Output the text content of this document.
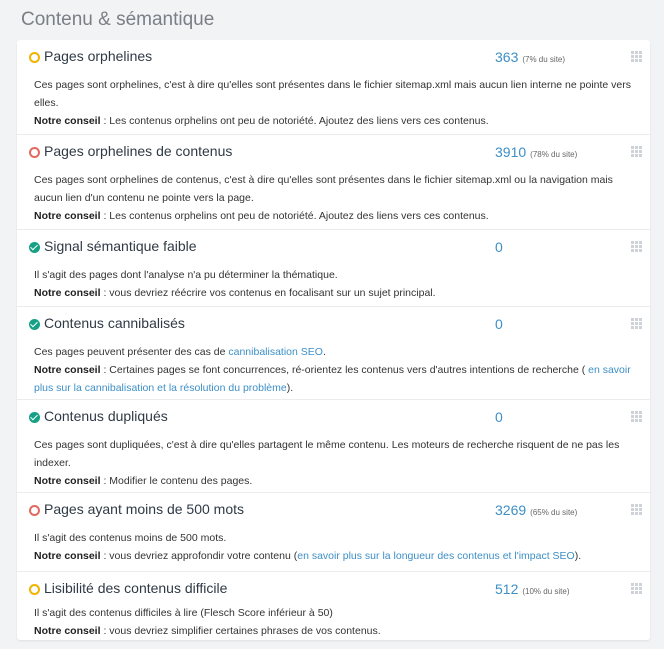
Contenu & sémantique
Pages orphelines	363 (7% du site)

Ces pages sont orphelines, c'est à dire qu'elles sont présentes dans le fichier sitemap.xml mais aucun lien interne ne pointe vers elles.

Notre conseil : Les contenus orphelins ont peu de notoriété. Ajoutez des liens vers ces contenus.

Pages orphelines de contenus	3910 (78% du site)

Ces pages sont orphelines de contenus, c'est à dire qu'elles sont présentes dans le fichier sitemap.xml ou la navigation mais aucun lien d'un contenu ne pointe vers la page.

Notre conseil : Les contenus orphelins ont peu de notoriété. Ajoutez des liens vers ces contenus.

Signal sémantique faible	0

Il s'agit des pages dont l'analyse n'a pu déterminer la thématique.

Notre conseil : vous devriez réécrire vos contenus en focalisant sur un sujet principal.

Contenus cannibalisés	0

Ces pages peuvent présenter des cas de cannibalisation SEO.

Notre conseil : Certaines pages se font concurrences, ré-orientez les contenus vers d'autres intentions de recherche ( en savoir plus sur la cannibalisation et la résolution du problème).

Contenus dupliqués	0

Ces pages sont dupliquées, c'est à dire qu'elles partagent le même contenu. Les moteurs de recherche risquent de ne pas les indexer.

Notre conseil : Modifier le contenu des pages.

Pages ayant moins de 500 mots	3269 (65% du site)

Il s'agit des contenus moins de 500 mots.

Notre conseil : vous devriez approfondir votre contenu (en savoir plus sur la longueur des contenus et l'impact SEO).

Lisibilité des contenus difficile	512 (10% du site)

Il s'agit des contenus difficiles à lire (Flesch Score inférieur à 50)

Notre conseil : vous devriez simplifier certaines phrases de vos contenus.
